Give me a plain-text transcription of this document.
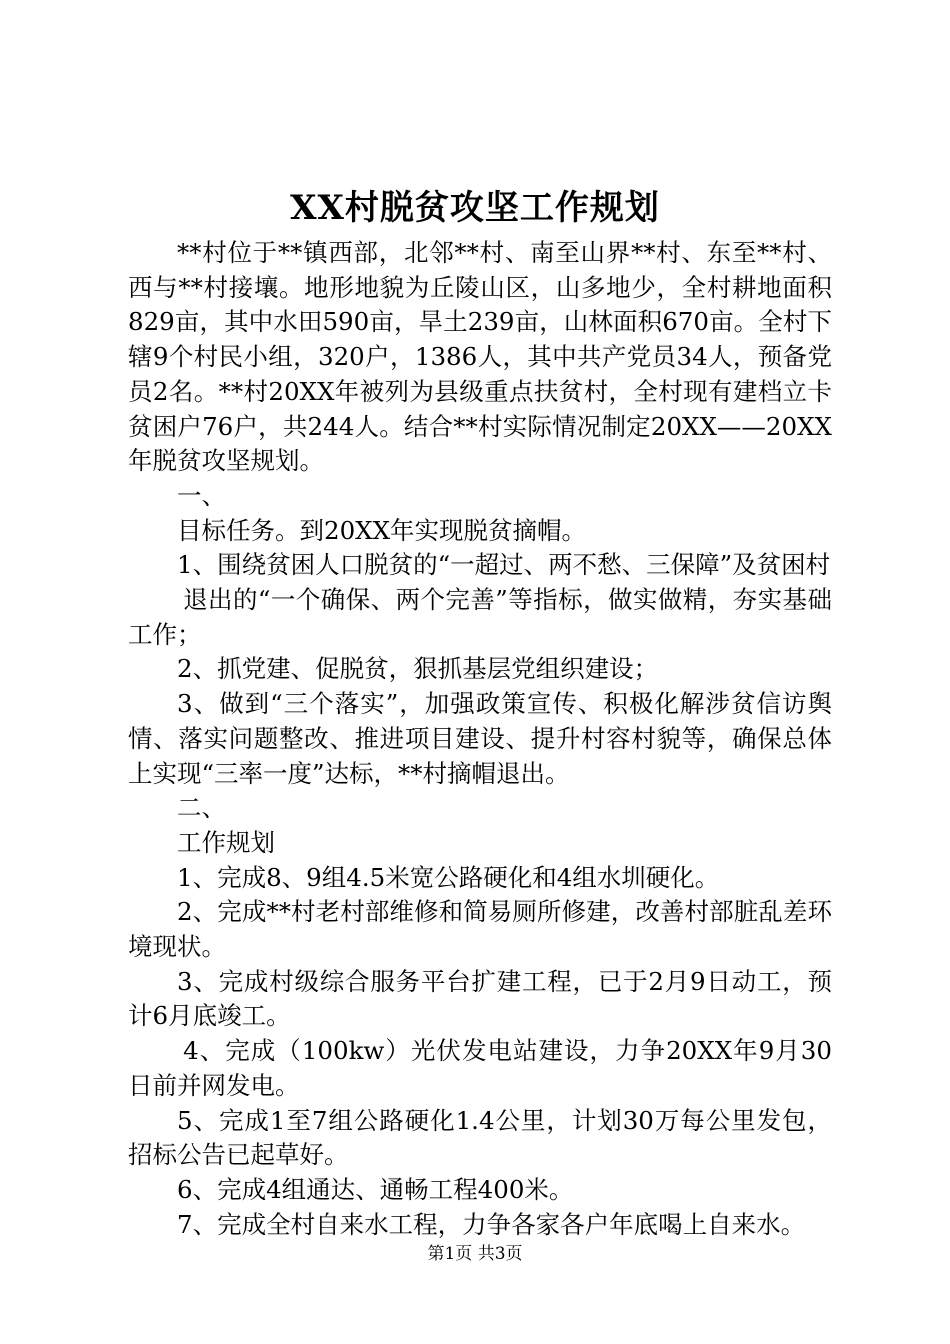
XX村脱贫攻坚工作规划

**村位于**镇西部，北邻**村、南至山界**村、东至**村、西与**村接壤。地形地貌为丘陵山区，山多地少，全村耕地面积829亩，其中水田590亩，旱土239亩，山林面积670亩。全村下辖9个村民小组，320户，1386人，其中共产党员34人，预备党员2名。**村20XX年被列为县级重点扶贫村，全村现有建档立卡贫困户76户，共244人。结合**村实际情况制定20XX——20XX年脱贫攻坚规划。

一、

目标任务。到20XX年实现脱贫摘帽。

1、围绕贫困人口脱贫的“一超过、两不愁、三保障”及贫困村

退出的“一个确保、两个完善”等指标，做实做精，夯实基础工作；

2、抓党建、促脱贫，狠抓基层党组织建设；

3、做到“三个落实”，加强政策宣传、积极化解涉贫信访舆情、落实问题整改、推进项目建设、提升村容村貌等，确保总体上实现“三率一度”达标，**村摘帽退出。

二、

工作规划

1、完成8、9组4.5米宽公路硬化和4组水圳硬化。

2、完成**村老村部维修和简易厕所修建，改善村部脏乱差环境现状。

3、完成村级综合服务平台扩建工程，已于2月9日动工，预计6月底竣工。

4、完成（100kw）光伏发电站建设，力争20XX年9月30日前并网发电。

5、完成1至7组公路硬化1.4公里，计划30万每公里发包，招标公告已起草好。

6、完成4组通达、通畅工程400米。

7、完成全村自来水工程，力争各家各户年底喝上自来水。

第1页 共3页
